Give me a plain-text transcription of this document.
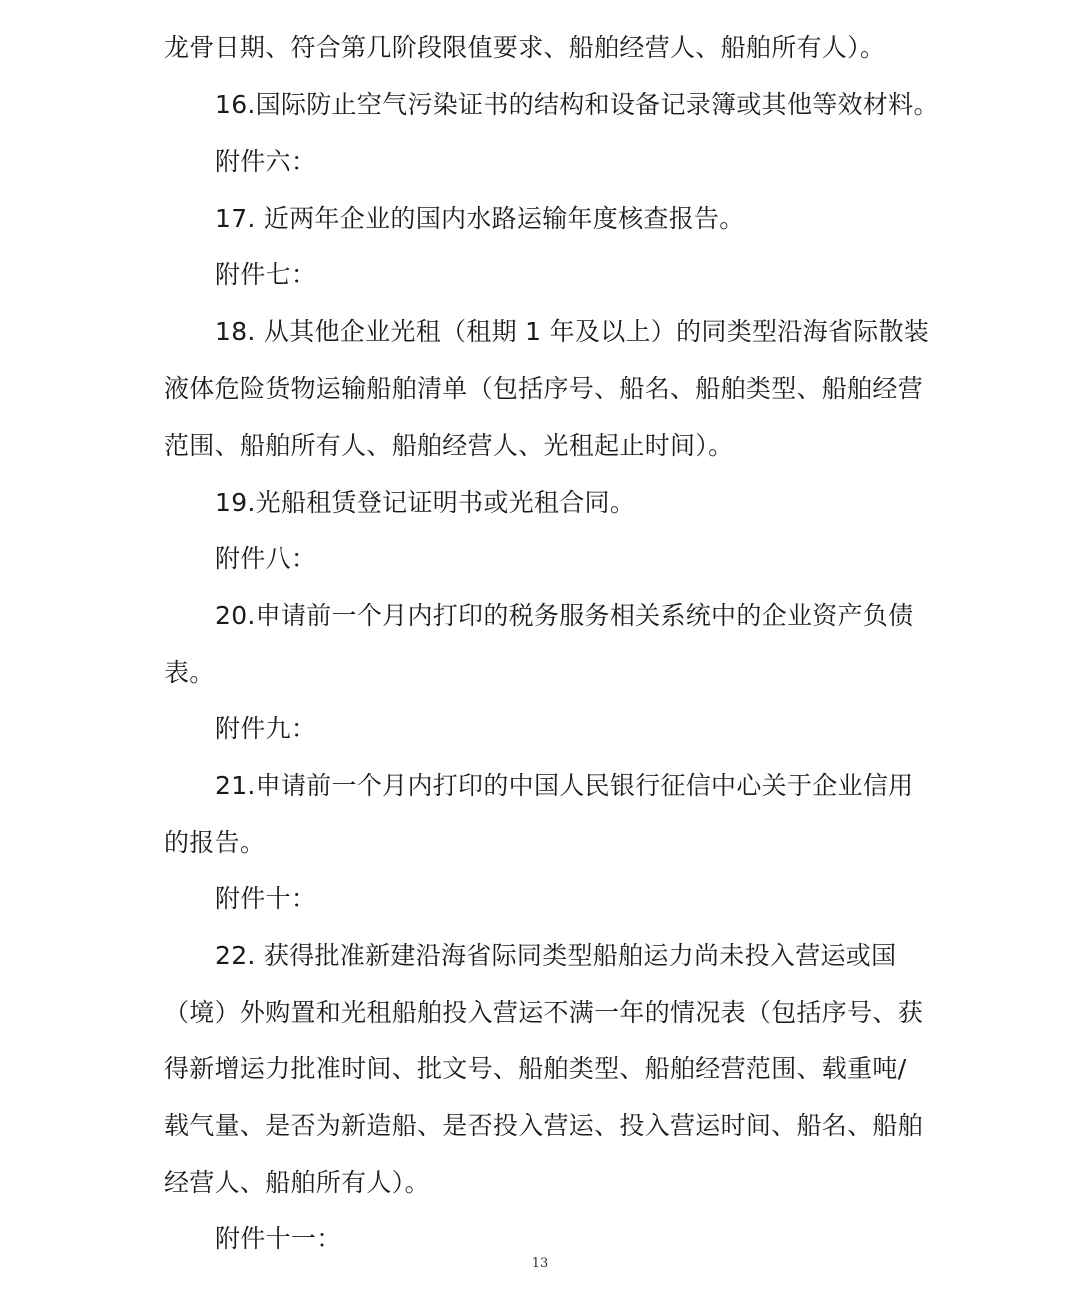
龙骨日期、符合第几阶段限值要求、船舶经营人、船舶所有人）。
16.国际防止空气污染证书的结构和设备记录簿或其他等效材料。
附件六：
17. 近两年企业的国内水路运输年度核查报告。
附件七：
18. 从其他企业光租（租期 1 年及以上）的同类型沿海省际散装
液体危险货物运输船舶清单（包括序号、船名、船舶类型、船舶经营
范围、船舶所有人、船舶经营人、光租起止时间）。
19.光船租赁登记证明书或光租合同。
附件八：
20.申请前一个月内打印的税务服务相关系统中的企业资产负债
表。
附件九：
21.申请前一个月内打印的中国人民银行征信中心关于企业信用
的报告。
附件十：
22. 获得批准新建沿海省际同类型船舶运力尚未投入营运或国
（境）外购置和光租船舶投入营运不满一年的情况表（包括序号、获
得新增运力批准时间、批文号、船舶类型、船舶经营范围、载重吨/
载气量、是否为新造船、是否投入营运、投入营运时间、船名、船舶
经营人、船舶所有人）。
附件十一：
13
